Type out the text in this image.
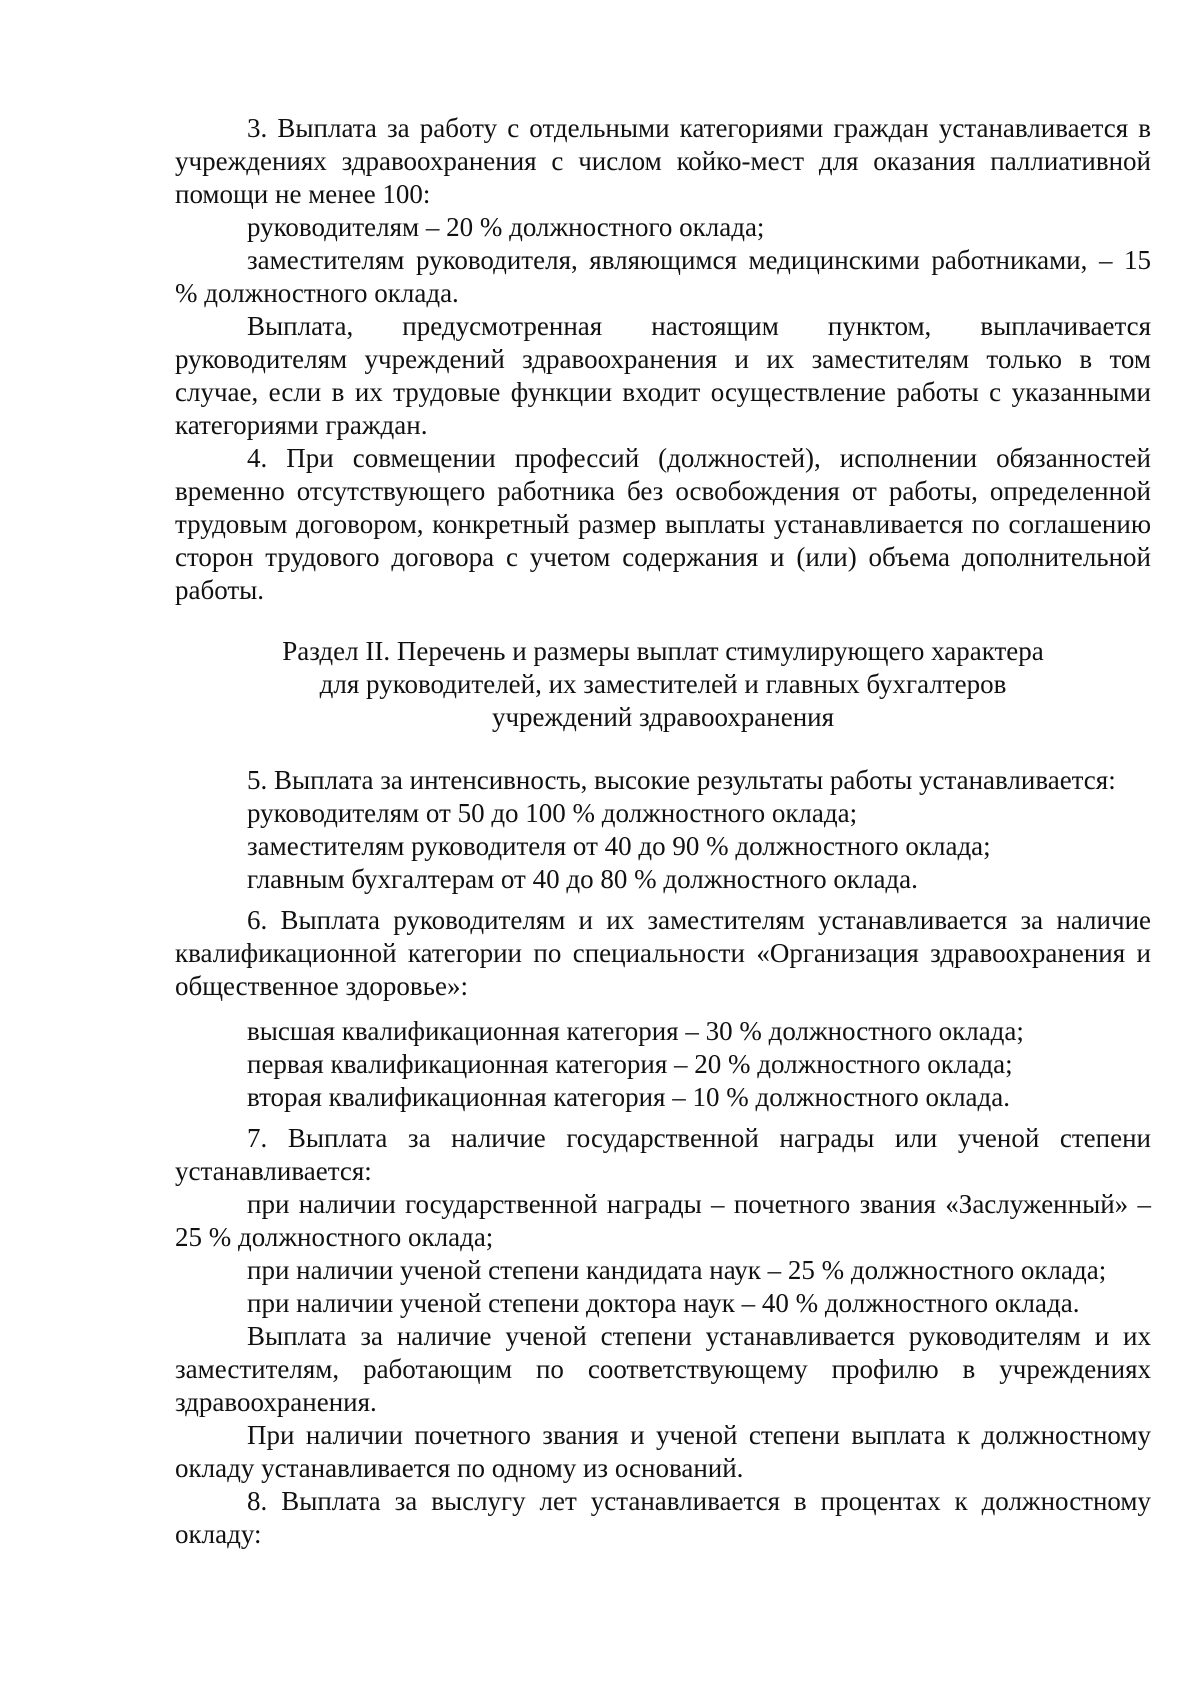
3. Выплата за работу с отдельными категориями граждан устанавливается в учреждениях здравоохранения с числом койко-мест для оказания паллиативной помощи не менее 100:

руководителям – 20 % должностного оклада;

заместителям руководителя, являющимся медицинскими работниками, – 15 % должностного оклада.

Выплата, предусмотренная настоящим пунктом, выплачивается руководителям учреждений здравоохранения и их заместителям только в том случае, если в их трудовые функции входит осуществление работы с указанными категориями граждан.

4. При совмещении профессий (должностей), исполнении обязанностей временно отсутствующего работника без освобождения от работы, определенной трудовым договором, конкретный размер выплаты устанавливается по соглашению сторон трудового договора с учетом содержания и (или) объема дополнительной работы.

Раздел II. Перечень и размеры выплат стимулирующего характера
для руководителей, их заместителей и главных бухгалтеров
учреждений здравоохранения

5. Выплата за интенсивность, высокие результаты работы устанавливается:

руководителям от 50 до 100 % должностного оклада;

заместителям руководителя от 40 до 90 % должностного оклада;

главным бухгалтерам от 40 до 80 % должностного оклада.

6. Выплата руководителям и их заместителям устанавливается за наличие квалификационной категории по специальности «Организация здравоохранения и общественное здоровье»:

высшая квалификационная категория – 30 % должностного оклада;

первая квалификационная категория – 20 % должностного оклада;

вторая квалификационная категория – 10 % должностного оклада.

7. Выплата за наличие государственной награды или ученой степени устанавливается:

при наличии государственной награды – почетного звания «Заслуженный» – 25 % должностного оклада;

при наличии ученой степени кандидата наук – 25 % должностного оклада;

при наличии ученой степени доктора наук – 40 % должностного оклада.

Выплата за наличие ученой степени устанавливается руководителям и их заместителям, работающим по соответствующему профилю в учреждениях здравоохранения.

При наличии почетного звания и ученой степени выплата к должностному окладу устанавливается по одному из оснований.

8. Выплата за выслугу лет устанавливается в процентах к должностному окладу:
